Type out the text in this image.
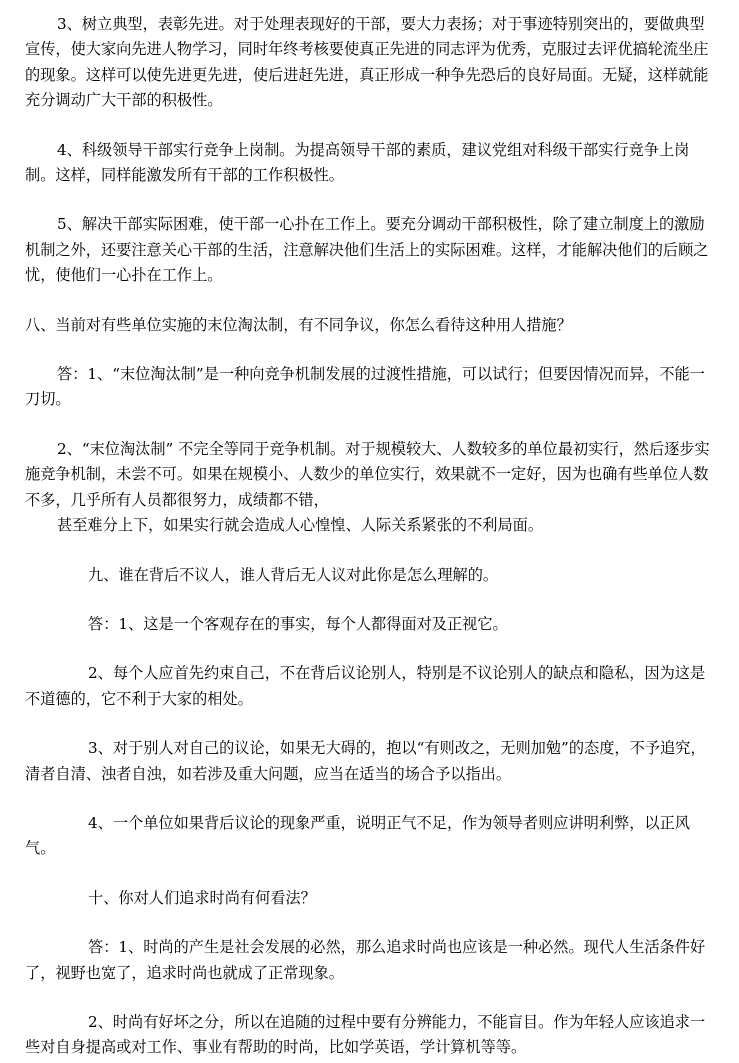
3、树立典型，表彰先进。对于处理表现好的干部，要大力表扬；对于事迹特别突出的，要做典型宣传，使大家向先进人物学习，同时年终考核要使真正先进的同志评为优秀，克服过去评优搞轮流坐庄的现象。这样可以使先进更先进，使后进赶先进，真正形成一种争先恐后的良好局面。无疑，这样就能充分调动广大干部的积极性。

4、科级领导干部实行竞争上岗制。为提高领导干部的素质，建议党组对科级干部实行竞争上岗制。这样，同样能激发所有干部的工作积极性。

5、解决干部实际困难，使干部一心扑在工作上。要充分调动干部积极性，除了建立制度上的激励机制之外，还要注意关心干部的生活，注意解决他们生活上的实际困难。这样，才能解决他们的后顾之忧，使他们一心扑在工作上。

八、当前对有些单位实施的末位淘汰制，有不同争议，你怎么看待这种用人措施？

答：1、“末位淘汰制”是一种向竞争机制发展的过渡性措施，可以试行；但要因情况而异，不能一刀切。

2、“末位淘汰制” 不完全等同于竞争机制。对于规模较大、人数较多的单位最初实行，然后逐步实施竞争机制，未尝不可。如果在规模小、人数少的单位实行，效果就不一定好，因为也确有些单位人数不多，几乎所有人员都很努力，成绩都不错，

甚至难分上下，如果实行就会造成人心惶惶、人际关系紧张的不利局面。

九、谁在背后不议人，谁人背后无人议对此你是怎么理解的。

答：1、这是一个客观存在的事实，每个人都得面对及正视它。

2、每个人应首先约束自己，不在背后议论别人，特别是不议论别人的缺点和隐私，因为这是不道德的，它不利于大家的相处。

3、对于别人对自己的议论，如果无大碍的，抱以“有则改之，无则加勉”的态度，不予追究，清者自清、浊者自浊，如若涉及重大问题，应当在适当的场合予以指出。

4、一个单位如果背后议论的现象严重，说明正气不足，作为领导者则应讲明利弊，以正风气。

十、你对人们追求时尚有何看法？

答：1、时尚的产生是社会发展的必然，那么追求时尚也应该是一种必然。现代人生活条件好了，视野也宽了，追求时尚也就成了正常现象。

2、时尚有好坏之分，所以在追随的过程中要有分辨能力，不能盲目。作为年轻人应该追求一些对自身提高或对工作、事业有帮助的时尚，比如学英语，学计算机等等。
